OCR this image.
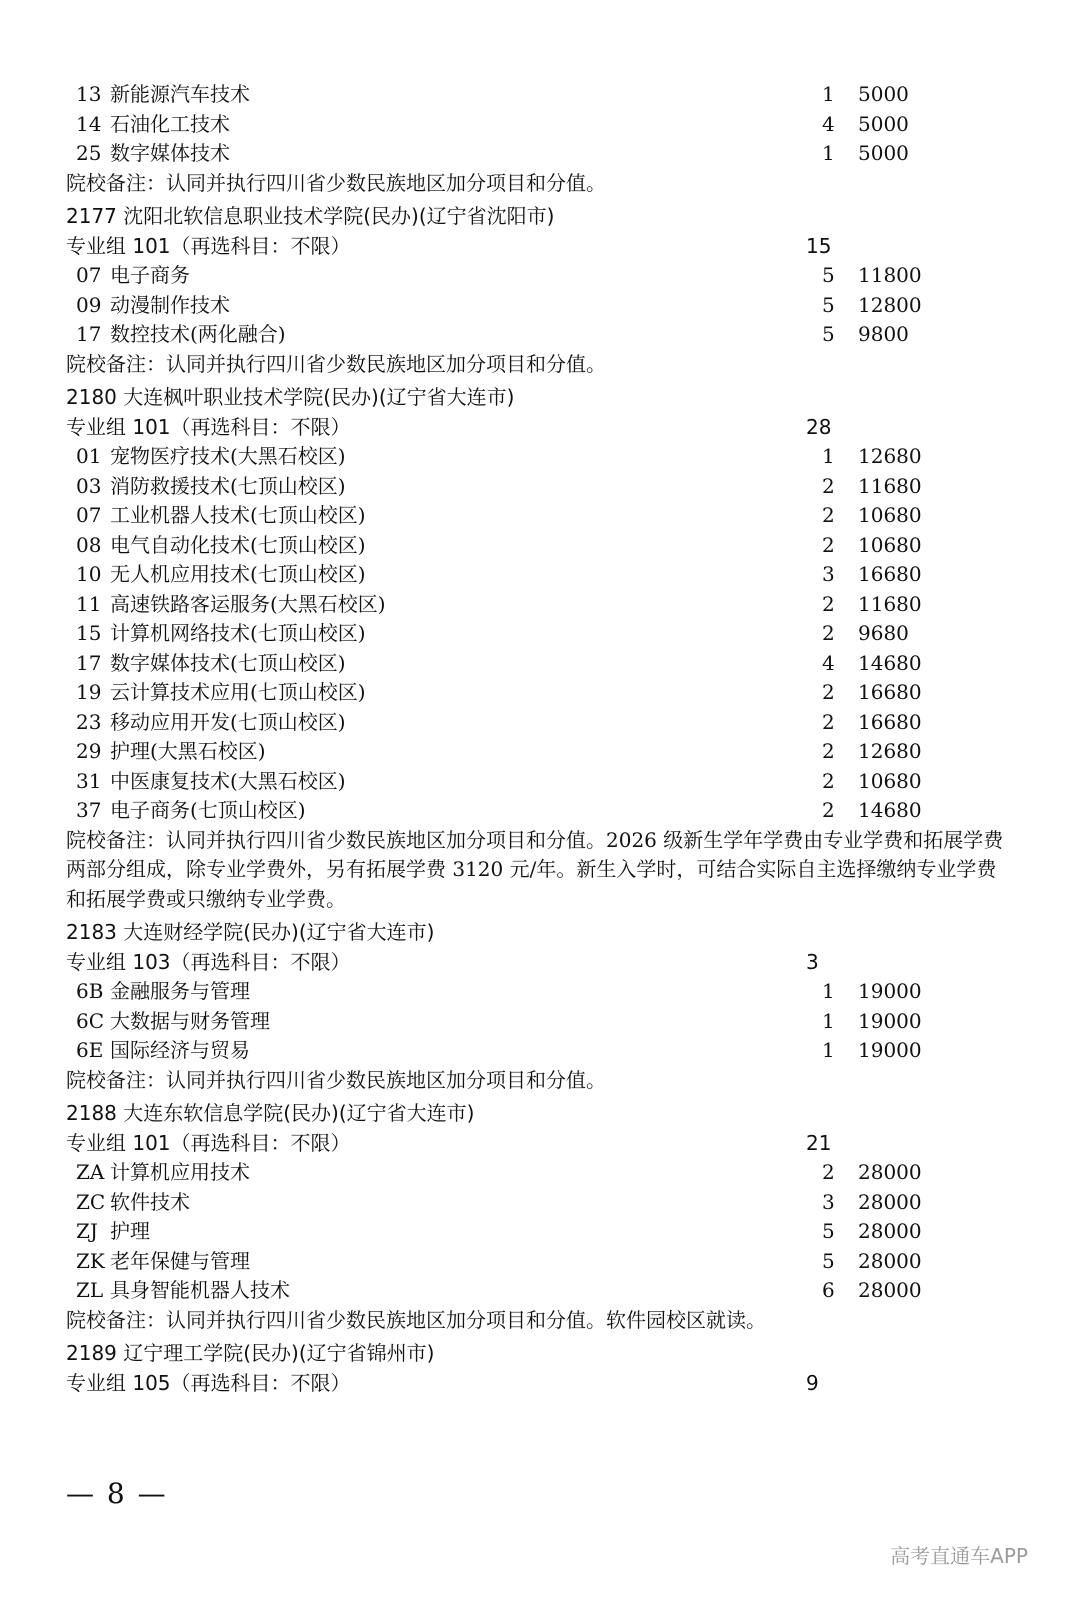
13 新能源汽车技术	1 5000
14 石油化工技术	4 5000
25 数字媒体技术	1 5000
院校备注：认同并执行四川省少数民族地区加分项目和分值。
2177 沈阳北软信息职业技术学院(民办)(辽宁省沈阳市)
专业组 101（再选科目：不限）	15
07 电子商务	5 11800
09 动漫制作技术	5 12800
17 数控技术(两化融合)	5 9800
院校备注：认同并执行四川省少数民族地区加分项目和分值。
2180 大连枫叶职业技术学院(民办)(辽宁省大连市)
专业组 101（再选科目：不限）	28
01 宠物医疗技术(大黑石校区)	1 12680
03 消防救援技术(七顶山校区)	2 11680
07 工业机器人技术(七顶山校区)	2 10680
08 电气自动化技术(七顶山校区)	2 10680
10 无人机应用技术(七顶山校区)	3 16680
11 高速铁路客运服务(大黑石校区)	2 11680
15 计算机网络技术(七顶山校区)	2 9680
17 数字媒体技术(七顶山校区)	4 14680
19 云计算技术应用(七顶山校区)	2 16680
23 移动应用开发(七顶山校区)	2 16680
29 护理(大黑石校区)	2 12680
31 中医康复技术(大黑石校区)	2 10680
37 电子商务(七顶山校区)	2 14680
院校备注：认同并执行四川省少数民族地区加分项目和分值。2026 级新生学年学费由专业学费和拓展学费两部分组成，除专业学费外，另有拓展学费 3120 元/年。新生入学时，可结合实际自主选择缴纳专业学费和拓展学费或只缴纳专业学费。
2183 大连财经学院(民办)(辽宁省大连市)
专业组 103（再选科目：不限）	3
6B 金融服务与管理	1 19000
6C 大数据与财务管理	1 19000
6E 国际经济与贸易	1 19000
院校备注：认同并执行四川省少数民族地区加分项目和分值。
2188 大连东软信息学院(民办)(辽宁省大连市)
专业组 101（再选科目：不限）	21
ZA 计算机应用技术	2 28000
ZC 软件技术	3 28000
ZJ 护理	5 28000
ZK 老年保健与管理	5 28000
ZL 具身智能机器人技术	6 28000
院校备注：认同并执行四川省少数民族地区加分项目和分值。软件园校区就读。
2189 辽宁理工学院(民办)(辽宁省锦州市)
专业组 105（再选科目：不限）	9
— 8 —
高考直通车APP
